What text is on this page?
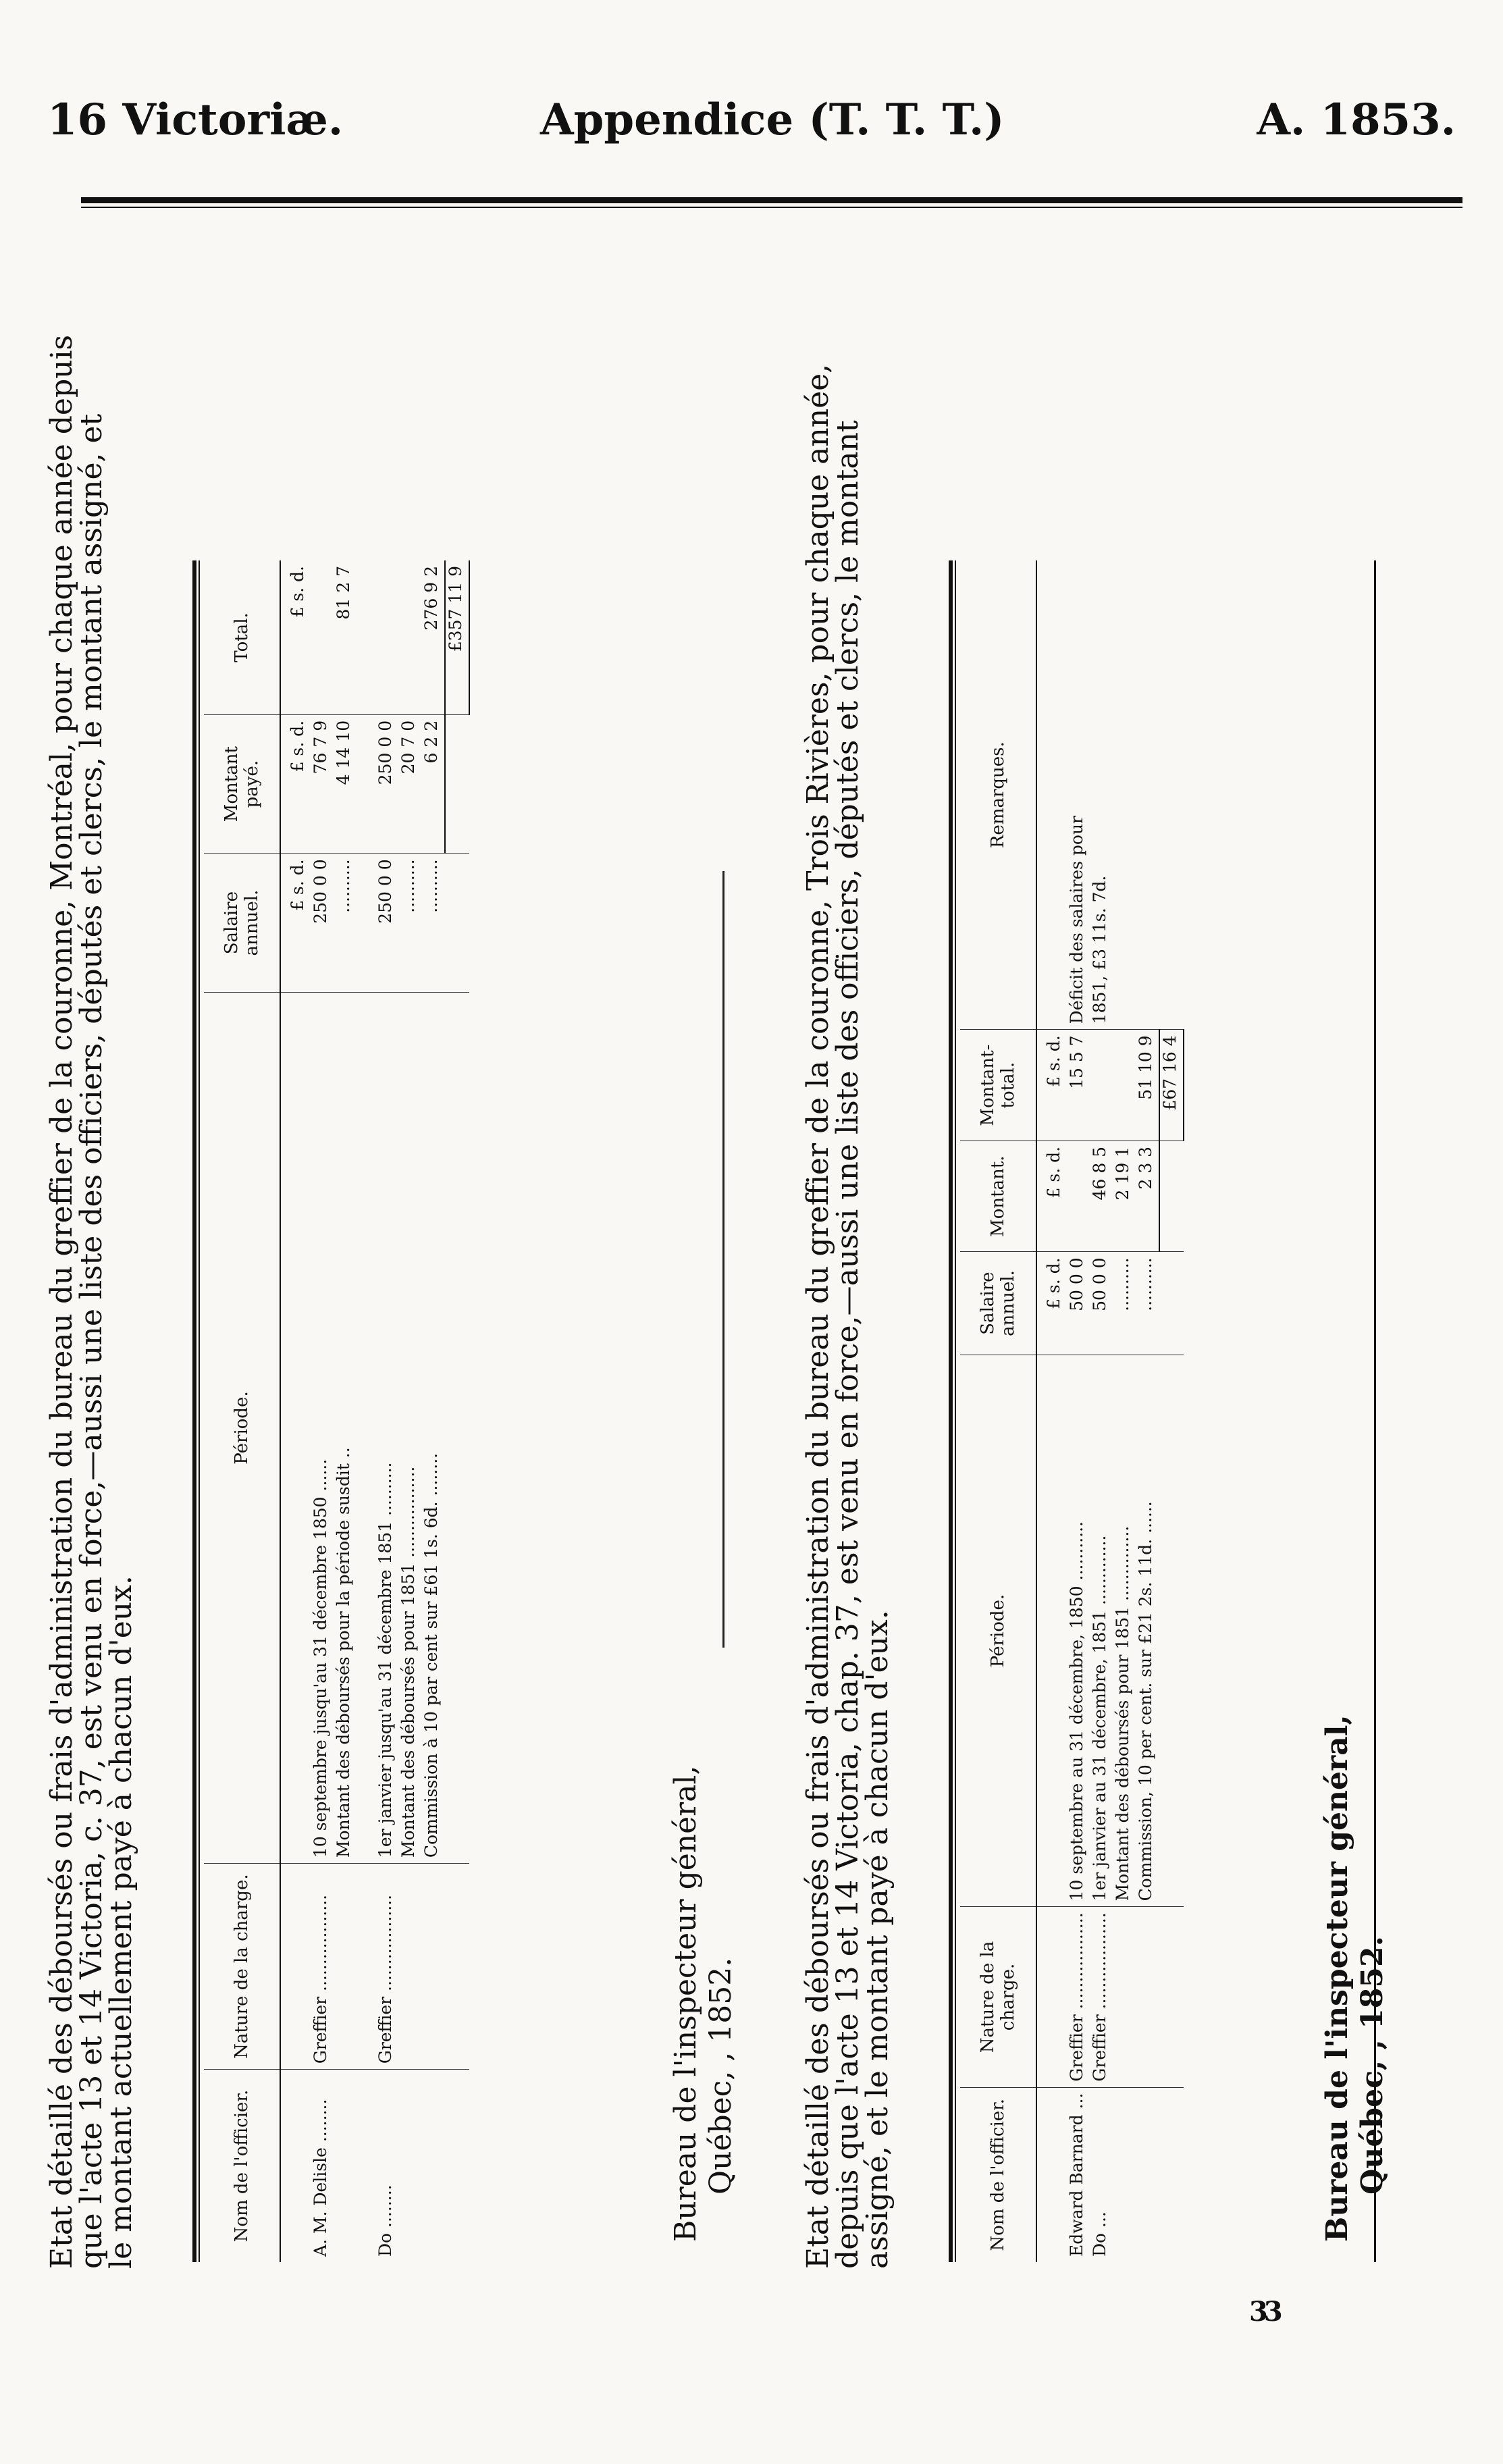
16 Victoriæ.	Appendice (T. T. T.)	A. 1853.
Etat détaillé des déboursés ou frais d'administration du bureau du greffier de la couronne, Montréal, pour chaque année depuis
que l'acte 13 et 14 Victoria, c. 37, est venu en force,—aussi une liste des officiers, députés et clercs, le montant assigné, et
le montant actuellement payé à chacun d'eux.	Nom de l'officier.	Nature de la charge.	Période.	Salaire annuel.	Montant payé.	Total.
			£ s. d.	£ s. d.	£ s. d.
A. M. Delisle ........	Greffier ..................	10 septembre jusqu'au 31 décembre 1850 ......	250 0 0	76 7 9	
		Montant des déboursés pour la période susdit ..	..........	4 14 10	81 2 7

Do ........	Greffier ..................	1er janvier jusqu'au 31 décembre 1851 ..........	250 0 0	250 0 0	
		Montant des déboursés pour 1851 .................	..........	20 7 0	
		Commission à 10 par cent sur £61 1s. 6d. ........	..........	6 2 2	276 9 2
					£357 11 9
Bureau de l'inspecteur général, Québec, , 1852. Etat détaillé des déboursés ou frais d'administration du bureau du greffier de la couronne, Trois Rivières, pour chaque année,
depuis que l'acte 13 et 14 Victoria, chap. 37, est venu en force,—aussi une liste des officiers, députés et clercs, le montant
assigné, et le montant payé à chacun d'eux.	Nom de l'officier.	Nature de la charge.	Période.	Salaire annuel.	Montant.	Montant-total.	Remarques.
			£ s. d.	£ s. d.	£ s. d.	
Edward Barnard ...	Greffier ..................	10 septembre au 31 décembre, 1850 ...........	50 0 0		15 5 7	Déficit des salaires pour
Do ...	Greffier ..................	1er janvier au 31 décembre, 1851 .............	50 0 0	46 8 5		1851, £3 11s. 7d.
		Montant des déboursés pour 1851 ..............	..........	2 19 1		
		Commission, 10 per cent. sur £21 2s. 11d. ......	..........	2 3 3	51 10 9	
					£67 16 4	
Bureau de l'inspecteur général, Québec, , 1852.
33
